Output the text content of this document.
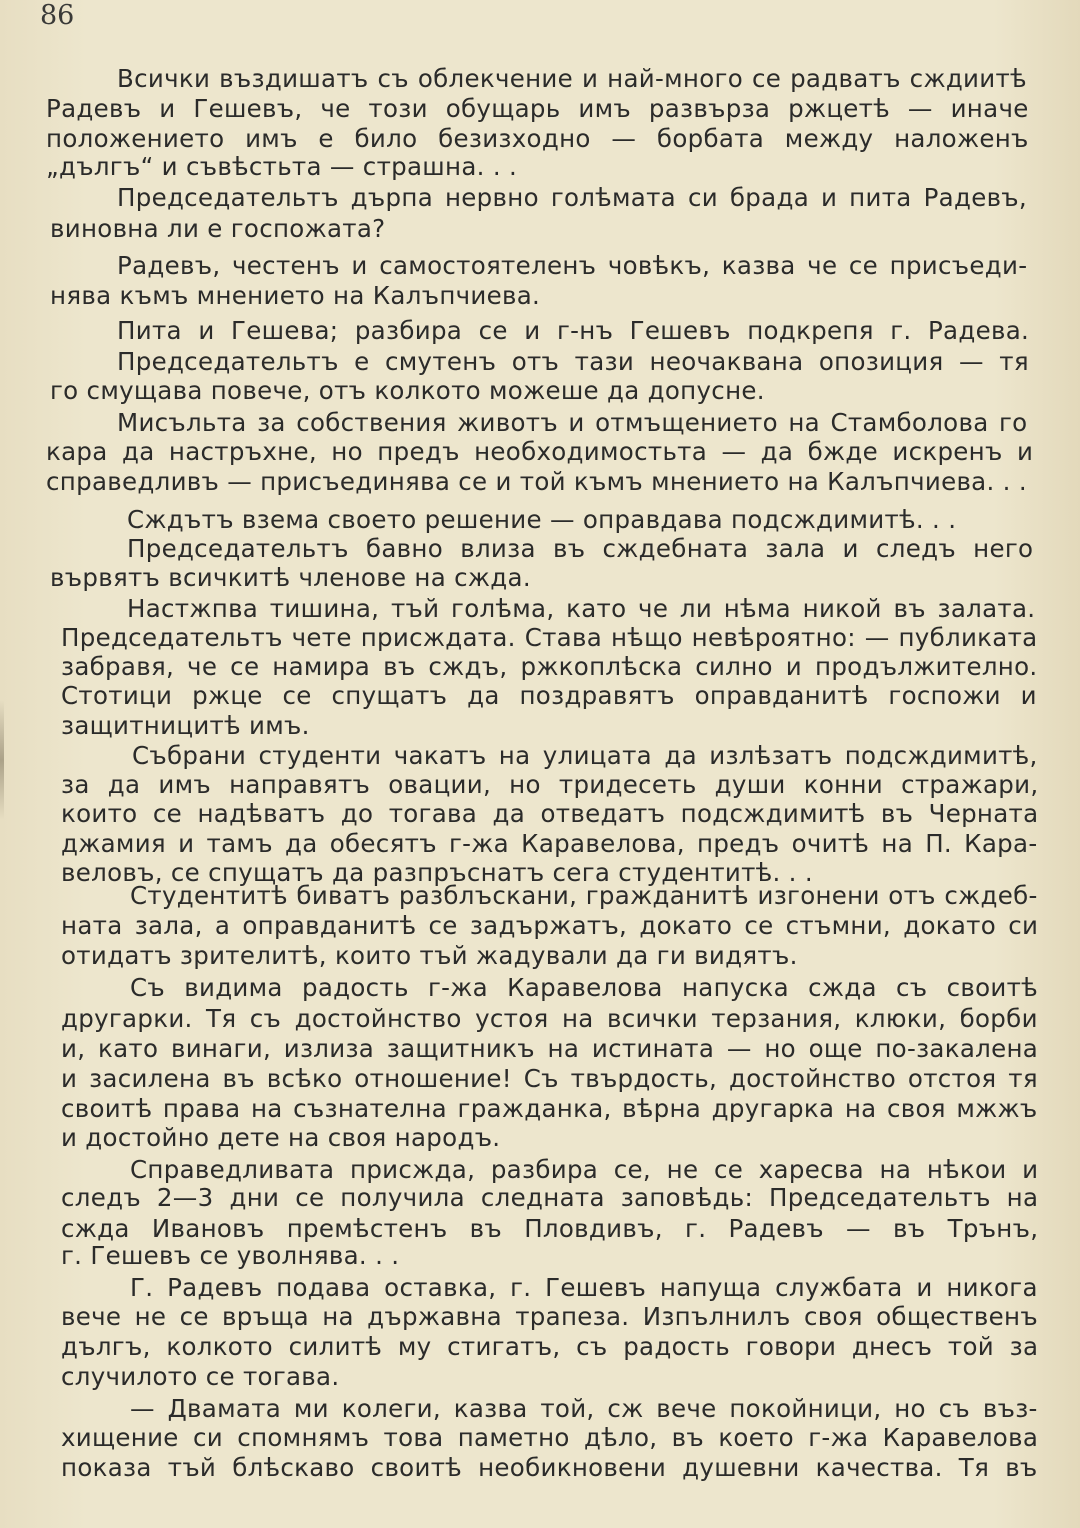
86
Всички въздишатъ съ облекчение и най-много се радватъ сждиитѣ
Радевъ и Гешевъ, че този обущарь имъ развърза ржцетѣ — иначе
положението имъ е било безизходно — борбата между наложенъ
„дългъ“ и съвѣстьта — страшна. . .
Председательтъ дърпа нервно голѣмата си брада и пита Радевъ,
виновна ли е госпожата?
Радевъ, честенъ и самостоятеленъ човѣкъ, казва че се присъеди-
нява къмъ мнението на Калъпчиева.
Пита и Гешева; разбира се и г-нъ Гешевъ подкрепя г. Радева.
Председательтъ е смутенъ отъ тази неочаквана опозиция — тя
го смущава повече, отъ колкото можеше да допусне.
Мисъльта за собствения животъ и отмъщението на Стамболова го
кара да настръхне, но предъ необходимостьта — да бжде искренъ и
справедливъ — присъединява се и той къмъ мнението на Калъпчиева. . .
Сждътъ взема своето решение — оправдава подсждимитѣ. . .
Председательтъ бавно влиза въ сждебната зала и следъ него
вървятъ всичкитѣ членове на сжда.
Настжпва тишина, тъй голѣма, като че ли нѣма никой въ залата.
Председательтъ чете присждата. Става нѣщо невѣроятно: — публиката
забравя, че се намира въ сждъ, ржкоплѣска силно и продължително.
Стотици ржце се спущатъ да поздравятъ оправданитѣ госпожи и
защитницитѣ имъ.
Събрани студенти чакатъ на улицата да излѣзатъ подсждимитѣ,
за да имъ направятъ овации, но тридесеть души конни стражари,
които се надѣватъ до тогава да отведатъ подсждимитѣ въ Черната
джамия и тамъ да обесятъ г-жа Каравелова, предъ очитѣ на П. Кара-
веловъ, се спущатъ да разпръснатъ сега студентитѣ. . .
Студентитѣ биватъ разблъскани, гражданитѣ изгонени отъ сждеб-
ната зала, а оправданитѣ се задържатъ, докато се стъмни, докато си
отидатъ зрителитѣ, които тъй жадували да ги видятъ.
Съ видима радость г-жа Каравелова напуска сжда съ своитѣ
другарки. Тя съ достойнство устоя на всички терзания, клюки, борби
и, като винаги, излиза защитникъ на истината — но още по-закалена
и засилена въ всѣко отношение! Съ твърдость, достойнство отстоя тя
своитѣ права на съзнателна гражданка, вѣрна другарка на своя мжжъ
и достойно дете на своя народъ.
Справедливата присжда, разбира се, не се харесва на нѣкои и
следъ 2—3 дни се получила следната заповѣдь: Председательтъ на
сжда Ивановъ премѣстенъ въ Пловдивъ, г. Радевъ — въ Трънъ,
г. Гешевъ се уволнява. . .
Г. Радевъ подава оставка, г. Гешевъ напуща службата и никога
вече не се връща на държавна трапеза. Изпълнилъ своя общественъ
дългъ, колкото силитѣ му стигатъ, съ радость говори днесъ той за
случилото се тогава.
— Двамата ми колеги, казва той, сж вече покойници, но съ въз-
хищение си спомнямъ това паметно дѣло, въ което г-жа Каравелова
показа тъй блѣскаво своитѣ необикновени душевни качества. Тя въ
